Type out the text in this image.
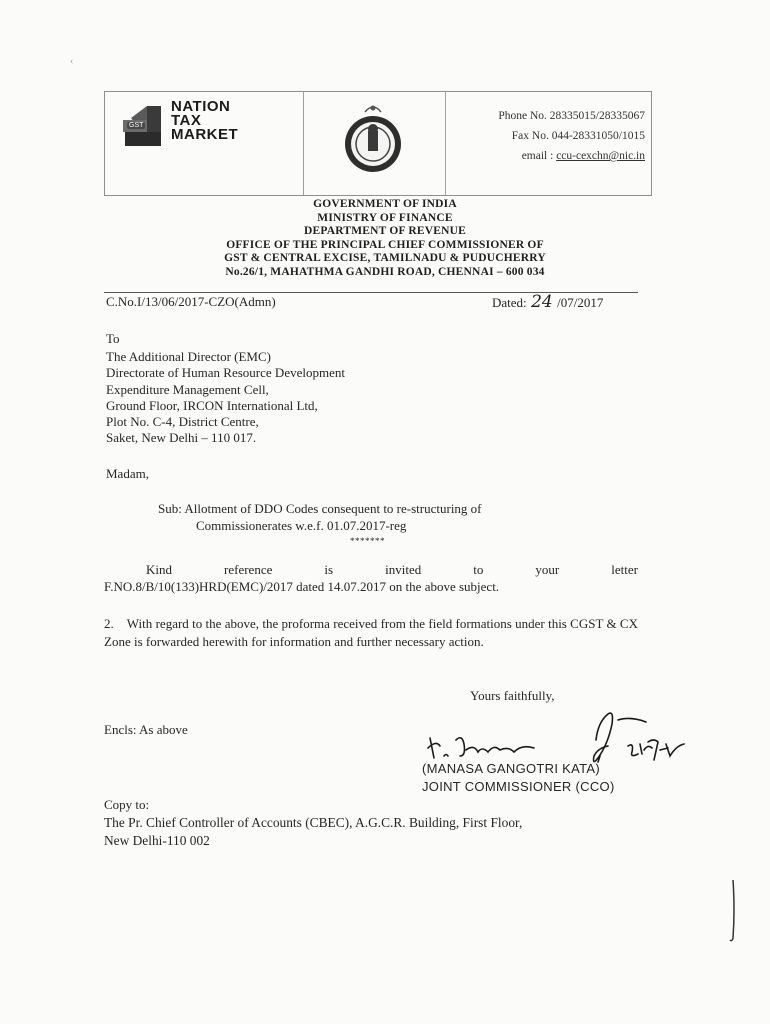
‹
GST
NATION
TAX
MARKET
Phone No. 28335015/28335067
Fax No. 044-28331050/1015
email : ccu-cexchn@nic.in
GOVERNMENT OF INDIA
MINISTRY OF FINANCE
DEPARTMENT OF REVENUE
OFFICE OF THE PRINCIPAL CHIEF COMMISSIONER OF
GST & CENTRAL EXCISE, TAMILNADU & PUDUCHERRY
No.26/1, MAHATHMA GANDHI ROAD, CHENNAI – 600 034
C.No.I/13/06/2017-CZO(Admn)	Dated: 24 /07/2017
To
The Additional Director (EMC)
Directorate of Human Resource Development
Expenditure Management Cell,
Ground Floor, IRCON International Ltd,
Plot No. C-4, District Centre,
Saket, New Delhi – 110 017.
Madam,
Sub: Allotment of DDO Codes consequent to re-structuring of
Commissionerates w.e.f. 01.07.2017-reg
*******
Kind	reference	is	invited	to	your	letter
F.NO.8/B/10(133)HRD(EMC)/2017 dated 14.07.2017 on the above subject.
2.    With regard to the above, the proforma received from the field formations under this CGST & CX Zone is forwarded herewith for information and further necessary action.
Yours faithfully,
Encls: As above
(MANASA GANGOTRI KATA)
JOINT COMMISSIONER (CCO)
Copy to:
The Pr. Chief Controller of Accounts (CBEC), A.G.C.R. Building, First Floor,
New Delhi-110 002
